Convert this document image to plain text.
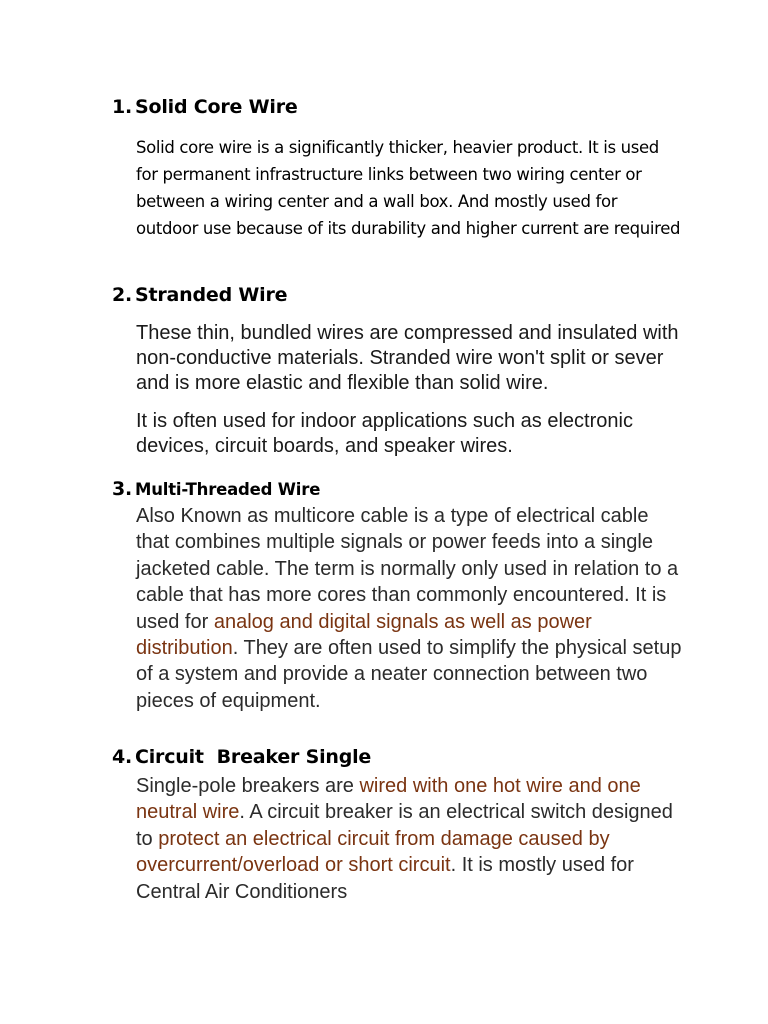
1. Solid Core Wire

Solid core wire is a significantly thicker, heavier product. It is used for permanent infrastructure links between two wiring center or between a wiring center and a wall box. And mostly used for outdoor use because of its durability and higher current are required

2. Stranded Wire

These thin, bundled wires are compressed and insulated with non-conductive materials. Stranded wire won't split or sever and is more elastic and flexible than solid wire.

It is often used for indoor applications such as electronic devices, circuit boards, and speaker wires.

3. Multi-Threaded Wire

Also Known as multicore cable is a type of electrical cable that combines multiple signals or power feeds into a single jacketed cable. The term is normally only used in relation to a cable that has more cores than commonly encountered. It is used for analog and digital signals as well as power distribution. They are often used to simplify the physical setup of a system and provide a neater connection between two pieces of equipment.

4. Circuit  Breaker Single

Single-pole breakers are wired with one hot wire and one neutral wire. A circuit breaker is an electrical switch designed to protect an electrical circuit from damage caused by overcurrent/overload or short circuit. It is mostly used for Central Air Conditioners
